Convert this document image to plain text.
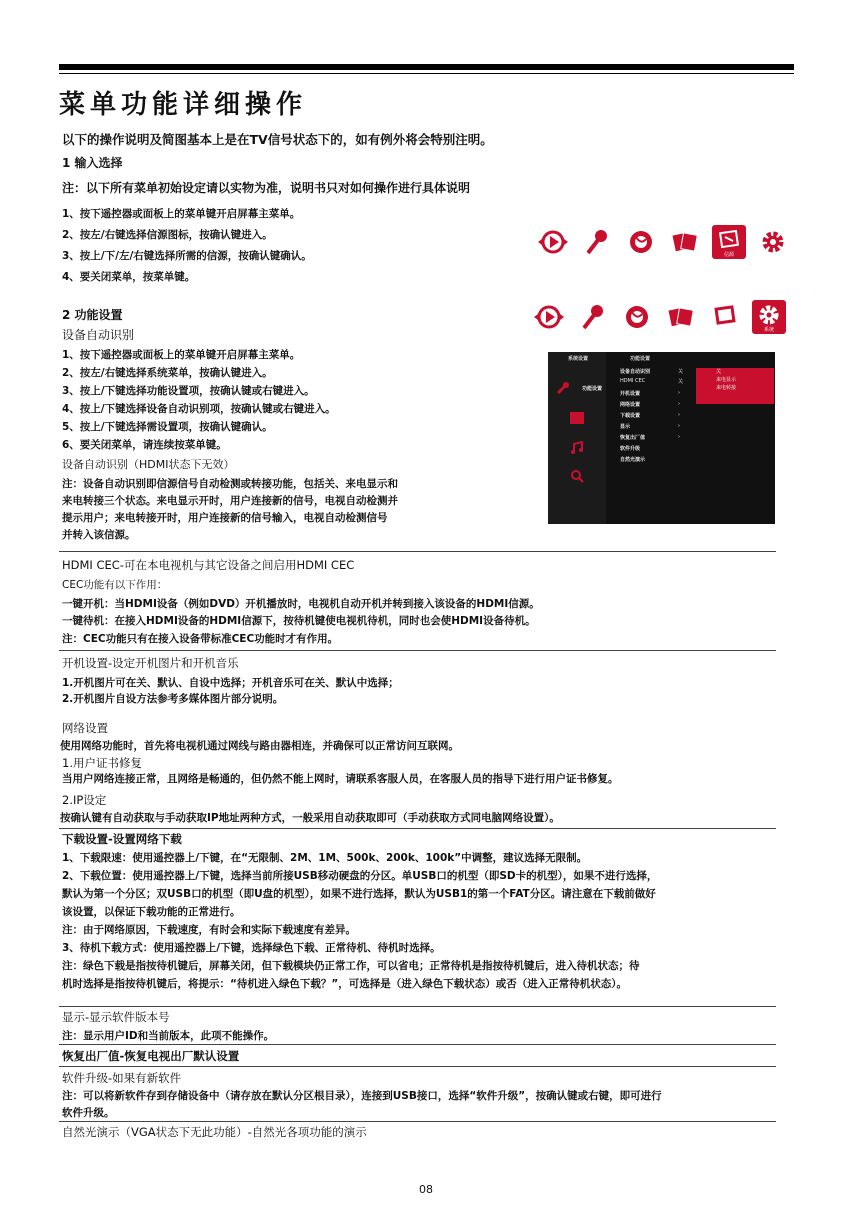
菜单功能详细操作
以下的操作说明及简图基本上是在TV信号状态下的，如有例外将会特别注明。
1 输入选择
注：以下所有菜单初始设定请以实物为准，说明书只对如何操作进行具体说明
1、按下遥控器或面板上的菜单键开启屏幕主菜单。
2、按左/右键选择信源图标，按确认键进入。
3、按上/下/左/右键选择所需的信源，按确认键确认。
4、要关闭菜单，按菜单键。
信源
2 功能设置
设备自动识别
1、按下遥控器或面板上的菜单键开启屏幕主菜单。
2、按左/右键选择系统菜单，按确认键进入。
3、按上/下键选择功能设置项，按确认键或右键进入。
4、按上/下键选择设备自动识别项，按确认键或右键进入。
5、按上/下键选择需设置项，按确认键确认。
6、要关闭菜单，请连续按菜单键。
设备自动识别（HDMI状态下无效）
注：设备自动识别即信源信号自动检测或转接功能，包括关、来电显示和
来电转接三个状态。来电显示开时，用户连接新的信号，电视自动检测并
提示用户；来电转接开时，用户连接新的信号输入，电视自动检测信号
并转入该信源。
系统
系统设置	功能设置
功能设置
设备自动识别
HDMI CEC
开机设置
网络设置
下载设置
显示
恢复出厂值
软件升级
自然光演示
关
关
›
›
›
›
›
关
来电显示
来电转接
HDMI CEC-可在本电视机与其它设备之间启用HDMI CEC
CEC功能有以下作用：
一键开机：当HDMI设备（例如DVD）开机播放时，电视机自动开机并转到接入该设备的HDMI信源。
一键待机：在接入HDMI设备的HDMI信源下，按待机键使电视机待机，同时也会使HDMI设备待机。
注：CEC功能只有在接入设备带标准CEC功能时才有作用。
开机设置-设定开机图片和开机音乐
1.开机图片可在关、默认、自设中选择；开机音乐可在关、默认中选择；
2.开机图片自设方法参考多媒体图片部分说明。
网络设置
使用网络功能时，首先将电视机通过网线与路由器相连，并确保可以正常访问互联网。
1.用户证书修复
当用户网络连接正常，且网络是畅通的，但仍然不能上网时，请联系客服人员，在客服人员的指导下进行用户证书修复。
2.IP设定
按确认键有自动获取与手动获取IP地址两种方式，一般采用自动获取即可（手动获取方式同电脑网络设置）。
下载设置-设置网络下载
1、下载限速：使用遥控器上/下键，在“无限制、2M、1M、500k、200k、100k”中调整，建议选择无限制。
2、下载位置：使用遥控器上/下键，选择当前所接USB移动硬盘的分区。单USB口的机型（即SD卡的机型），如果不进行选择，
默认为第一个分区；双USB口的机型（即U盘的机型），如果不进行选择，默认为USB1的第一个FAT分区。请注意在下载前做好
该设置，以保证下载功能的正常进行。
注：由于网络原因，下载速度，有时会和实际下载速度有差异。
3、待机下载方式：使用遥控器上/下键，选择绿色下载、正常待机、待机时选择。
注：绿色下载是指按待机键后，屏幕关闭，但下载模块仍正常工作，可以省电；正常待机是指按待机键后，进入待机状态；待
机时选择是指按待机键后，将提示：“待机进入绿色下载？”，可选择是（进入绿色下载状态）或否（进入正常待机状态）。
显示-显示软件版本号
注：显示用户ID和当前版本，此项不能操作。
恢复出厂值-恢复电视出厂默认设置
软件升级-如果有新软件
注：可以将新软件存到存储设备中（请存放在默认分区根目录），连接到USB接口，选择“软件升级”，按确认键或右键，即可进行
软件升级。
自然光演示（VGA状态下无此功能）-自然光各项功能的演示
08
